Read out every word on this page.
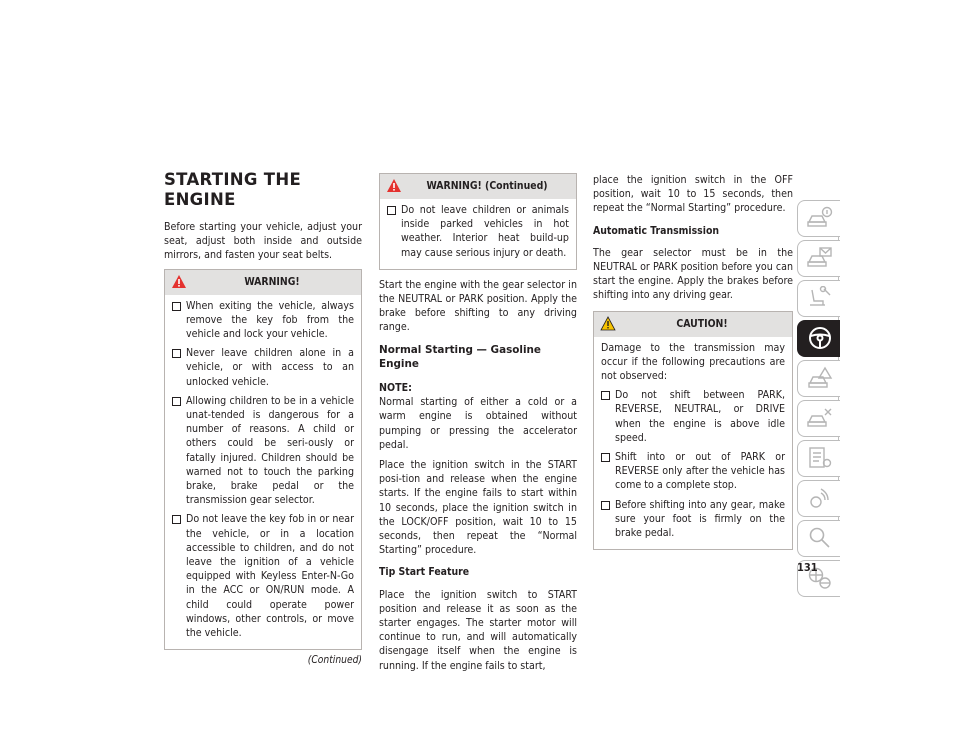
STARTING THE ENGINE

Before starting your vehicle, adjust your seat, adjust both inside and outside mirrors, and fasten your seat belts.

WARNING!
When exiting the vehicle, always remove the key fob from the vehicle and lock your vehicle.
Never leave children alone in a vehicle, or with access to an unlocked vehicle.
Allowing children to be in a vehicle unat-tended is dangerous for a number of reasons. A child or others could be seri-ously or fatally injured. Children should be warned not to touch the parking brake, brake pedal or the transmission gear selector.
Do not leave the key fob in or near the vehicle, or in a location accessible to children, and do not leave the ignition of a vehicle equipped with Keyless Enter-N-Go in the ACC or ON/RUN mode. A child could operate power windows, other controls, or move the vehicle.
(Continued)
WARNING! (Continued)
Do not leave children or animals inside parked vehicles in hot weather. Interior heat build-up may cause serious injury or death.

Start the engine with the gear selector in the NEUTRAL or PARK position. Apply the brake before shifting to any driving range.

Normal Starting — Gasoline Engine

NOTE:
Normal starting of either a cold or a warm engine is obtained without pumping or pressing the accelerator pedal.

Place the ignition switch in the START posi-tion and release when the engine starts. If the engine fails to start within 10 seconds, place the ignition switch in the LOCK/OFF position, wait 10 to 15 seconds, then repeat the “Normal Starting” procedure.

Tip Start Feature

Place the ignition switch to START position and release it as soon as the starter engages. The starter motor will continue to run, and will automatically disengage itself when the engine is running. If the engine fails to start,

place the ignition switch in the OFF position, wait 10 to 15 seconds, then repeat the “Normal Starting” procedure.

Automatic Transmission

The gear selector must be in the NEUTRAL or PARK position before you can start the engine. Apply the brakes before shifting into any driving gear.

CAUTION!

Damage to the transmission may occur if the following precautions are not observed:

Do not shift between PARK, REVERSE, NEUTRAL, or DRIVE when the engine is above idle speed.
Shift into or out of PARK or REVERSE only after the vehicle has come to a complete stop.
Before shifting into any gear, make sure your foot is firmly on the brake pedal.
131
